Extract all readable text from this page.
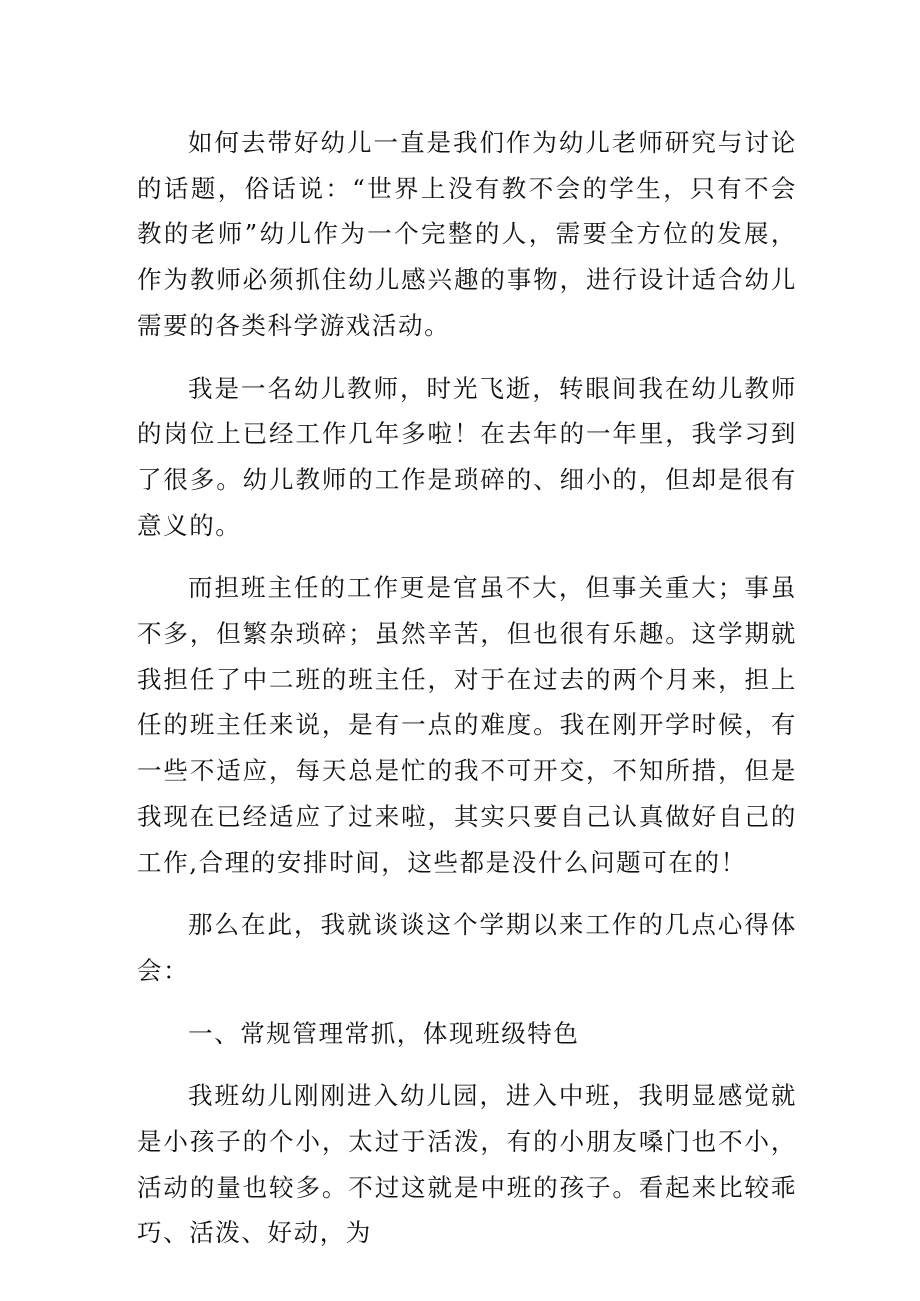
如何去带好幼儿一直是我们作为幼儿老师研究与讨论的话题，俗话说：“世界上没有教不会的学生，只有不会教的老师”幼儿作为一个完整的人，需要全方位的发展，作为教师必须抓住幼儿感兴趣的事物，进行设计适合幼儿需要的各类科学游戏活动。

我是一名幼儿教师，时光飞逝，转眼间我在幼儿教师的岗位上已经工作几年多啦！在去年的一年里，我学习到了很多。幼儿教师的工作是琐碎的、细小的，但却是很有意义的。

而担班主任的工作更是官虽不大，但事关重大；事虽不多，但繁杂琐碎；虽然辛苦，但也很有乐趣。这学期就我担任了中二班的班主任，对于在过去的两个月来，担上任的班主任来说，是有一点的难度。我在刚开学时候，有一些不适应，每天总是忙的我不可开交，不知所措，但是我现在已经适应了过来啦，其实只要自己认真做好自己的工作,合理的安排时间，这些都是没什么问题可在的！

那么在此，我就谈谈这个学期以来工作的几点心得体会：

一、常规管理常抓，体现班级特色

我班幼儿刚刚进入幼儿园，进入中班，我明显感觉就是小孩子的个小，太过于活泼，有的小朋友嗓门也不小，活动的量也较多。不过这就是中班的孩子。看起来比较乖巧、活泼、好动，为
